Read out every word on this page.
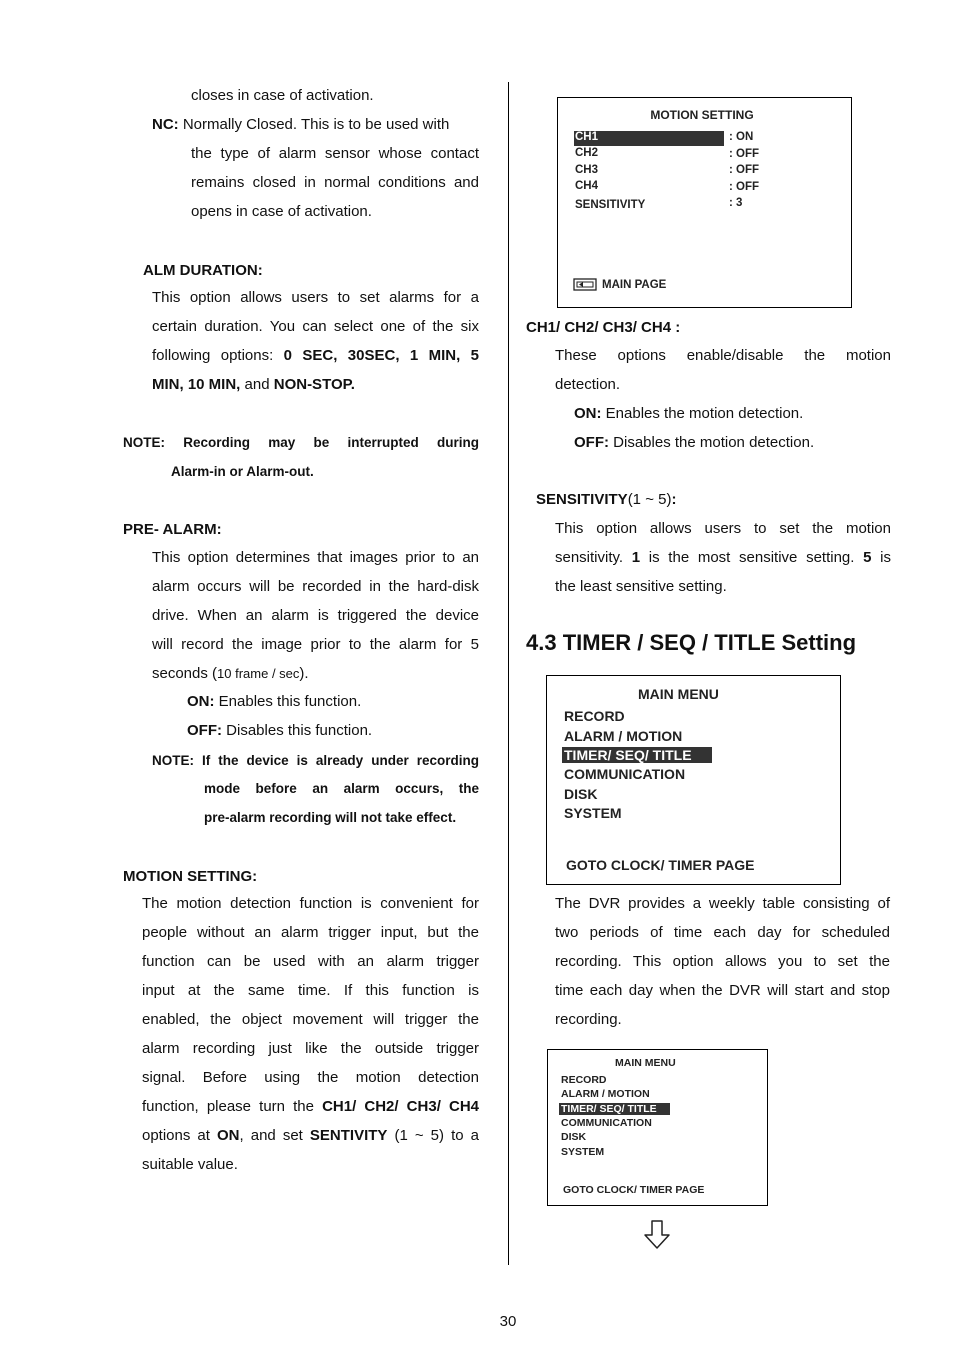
closes in case of activation.
NC: Normally Closed. This is to be used with
the type of alarm sensor whose contact
remains closed in normal conditions and
opens in case of activation.
ALM DURATION:
This option allows users to set alarms for a
certain duration. You can select one of the six
following options: 0 SEC, 30SEC, 1 MIN, 5
MIN, 10 MIN, and NON-STOP.
NOTE: Recording may be interrupted during
Alarm-in or Alarm-out.
PRE- ALARM:
This option determines that images prior to an
alarm occurs will be recorded in the hard-disk
drive. When an alarm is triggered the device
will record the image prior to the alarm for 5
seconds (10 frame / sec).
ON: Enables this function.
OFF: Disables this function.
NOTE: If the device is already under recording
mode before an alarm occurs, the
pre-alarm recording will not take effect.
MOTION SETTING:
The motion detection function is convenient for
people without an alarm trigger input, but the
function can be used with an alarm trigger
input at the same time. If this function is
enabled, the object movement will trigger the
alarm recording just like the outside trigger
signal. Before using the motion detection
function, please turn the CH1/ CH2/ CH3/ CH4
options at ON, and set SENTIVITY (1 ~ 5) to a
suitable value.
MOTION SETTING
CH1	: ON
CH2	: OFF
CH3	: OFF
CH4	: OFF
SENSITIVITY	: 3
MAIN PAGE
CH1/ CH2/ CH3/ CH4 :
These options enable/disable the motion
detection.
ON: Enables the motion detection.
OFF: Disables the motion detection.
SENSITIVITY(1 ~ 5):
This option allows users to set the motion
sensitivity. 1 is the most sensitive setting. 5 is
the least sensitive setting.
4.3 TIMER / SEQ / TITLE Setting
MAIN MENU
RECORD
ALARM / MOTION
TIMER/ SEQ/ TITLE
COMMUNICATION
DISK
SYSTEM
GOTO CLOCK/ TIMER PAGE
The DVR provides a weekly table consisting of
two periods of time each day for scheduled
recording. This option allows you to set the
time each day when the DVR will start and stop
recording.
MAIN MENU
RECORD
ALARM / MOTION
TIMER/ SEQ/ TITLE
COMMUNICATION
DISK
SYSTEM
GOTO CLOCK/ TIMER PAGE
30
